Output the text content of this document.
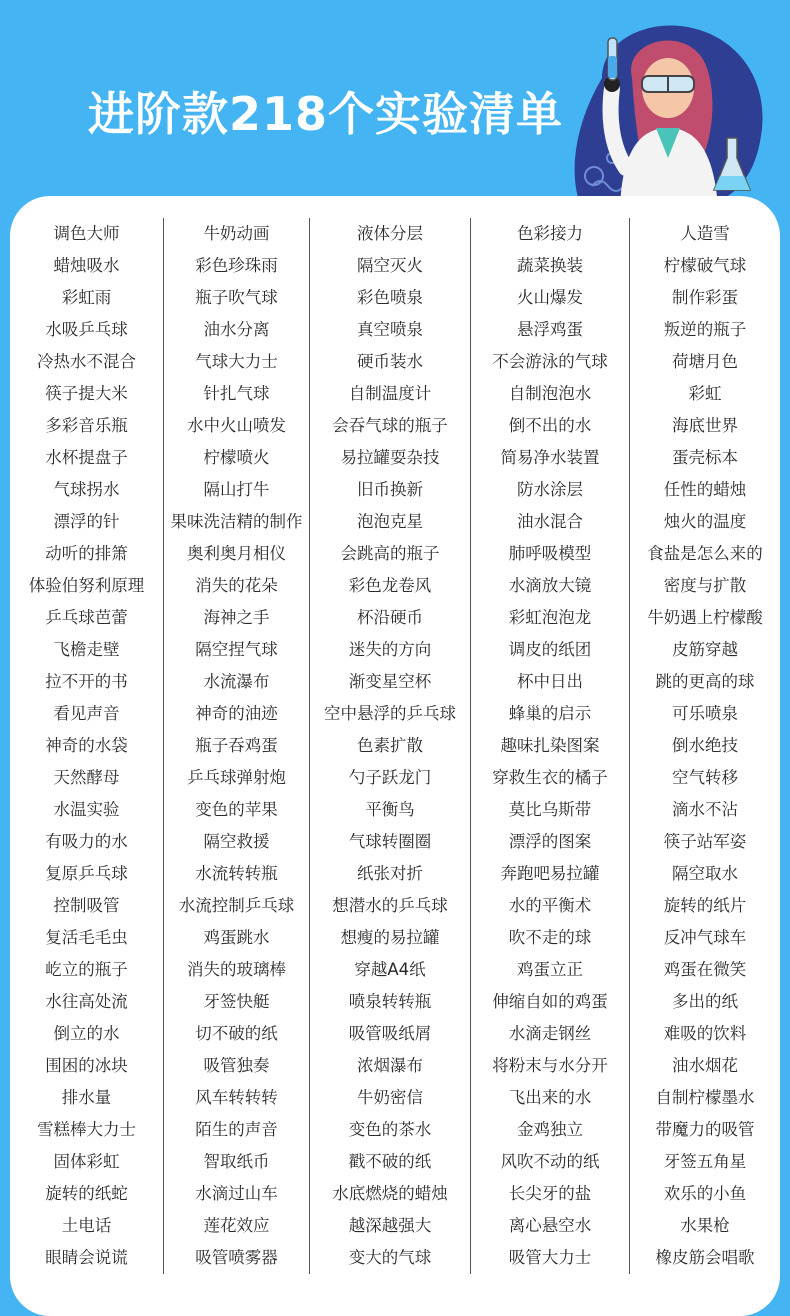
进阶款218个实验清单
调色大师
蜡烛吸水
彩虹雨
水吸乒乓球
冷热水不混合
筷子提大米
多彩音乐瓶
水杯提盘子
气球拐水
漂浮的针
动听的排箫
体验伯努利原理
乒乓球芭蕾
飞檐走壁
拉不开的书
看见声音
神奇的水袋
天然酵母
水温实验
有吸力的水
复原乒乓球
控制吸管
复活毛毛虫
屹立的瓶子
水往高处流
倒立的水
围困的冰块
排水量
雪糕棒大力士
固体彩虹
旋转的纸蛇
土电话
眼睛会说谎
牛奶动画
彩色珍珠雨
瓶子吹气球
油水分离
气球大力士
针扎气球
水中火山喷发
柠檬喷火
隔山打牛
果味洗洁精的制作
奥利奥月相仪
消失的花朵
海神之手
隔空捏气球
水流瀑布
神奇的油迹
瓶子吞鸡蛋
乒乓球弹射炮
变色的苹果
隔空救援
水流转转瓶
水流控制乒乓球
鸡蛋跳水
消失的玻璃棒
牙签快艇
切不破的纸
吸管独奏
风车转转转
陌生的声音
智取纸币
水滴过山车
莲花效应
吸管喷雾器
液体分层
隔空灭火
彩色喷泉
真空喷泉
硬币装水
自制温度计
会吞气球的瓶子
易拉罐耍杂技
旧币换新
泡泡克星
会跳高的瓶子
彩色龙卷风
杯沿硬币
迷失的方向
渐变星空杯
空中悬浮的乒乓球
色素扩散
勺子跃龙门
平衡鸟
气球转圈圈
纸张对折
想潜水的乒乓球
想瘦的易拉罐
穿越A4纸
喷泉转转瓶
吸管吸纸屑
浓烟瀑布
牛奶密信
变色的茶水
戳不破的纸
水底燃烧的蜡烛
越深越强大
变大的气球
色彩接力
蔬菜换装
火山爆发
悬浮鸡蛋
不会游泳的气球
自制泡泡水
倒不出的水
简易净水装置
防水涂层
油水混合
肺呼吸模型
水滴放大镜
彩虹泡泡龙
调皮的纸团
杯中日出
蜂巢的启示
趣味扎染图案
穿救生衣的橘子
莫比乌斯带
漂浮的图案
奔跑吧易拉罐
水的平衡术
吹不走的球
鸡蛋立正
伸缩自如的鸡蛋
水滴走钢丝
将粉末与水分开
飞出来的水
金鸡独立
风吹不动的纸
长尖牙的盐
离心悬空水
吸管大力士
人造雪
柠檬破气球
制作彩蛋
叛逆的瓶子
荷塘月色
彩虹
海底世界
蛋壳标本
任性的蜡烛
烛火的温度
食盐是怎么来的
密度与扩散
牛奶遇上柠檬酸
皮筋穿越
跳的更高的球
可乐喷泉
倒水绝技
空气转移
滴水不沾
筷子站军姿
隔空取水
旋转的纸片
反冲气球车
鸡蛋在微笑
多出的纸
难吸的饮料
油水烟花
自制柠檬墨水
带魔力的吸管
牙签五角星
欢乐的小鱼
水果枪
橡皮筋会唱歌
